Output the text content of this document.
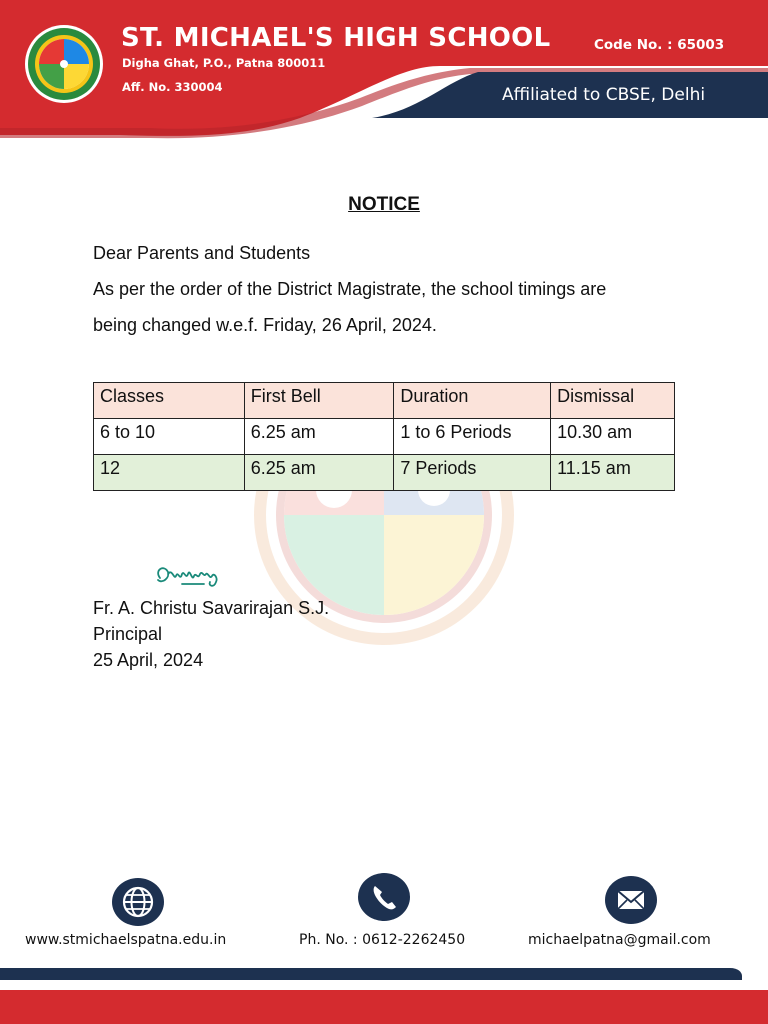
ST. MICHAEL'S HIGH SCHOOL
Digha Ghat, P.O., Patna 800011
Aff. No. 330004
Code No. : 65003
Affiliated to CBSE, Delhi
NOTICE
Dear Parents and Students
As per the order of the District Magistrate, the school timings are
being changed w.e.f. Friday, 26 April, 2024.
Classes	First Bell	Duration	Dismissal
6 to 10	6.25 am	1 to 6 Periods	10.30 am
12	6.25 am	7 Periods	11.15 am
Fr. A. Christu Savarirajan S.J.
Principal
25 April, 2024
www.stmichaelspatna.edu.in	Ph. No. : 0612-2262450	michaelpatna@gmail.com
